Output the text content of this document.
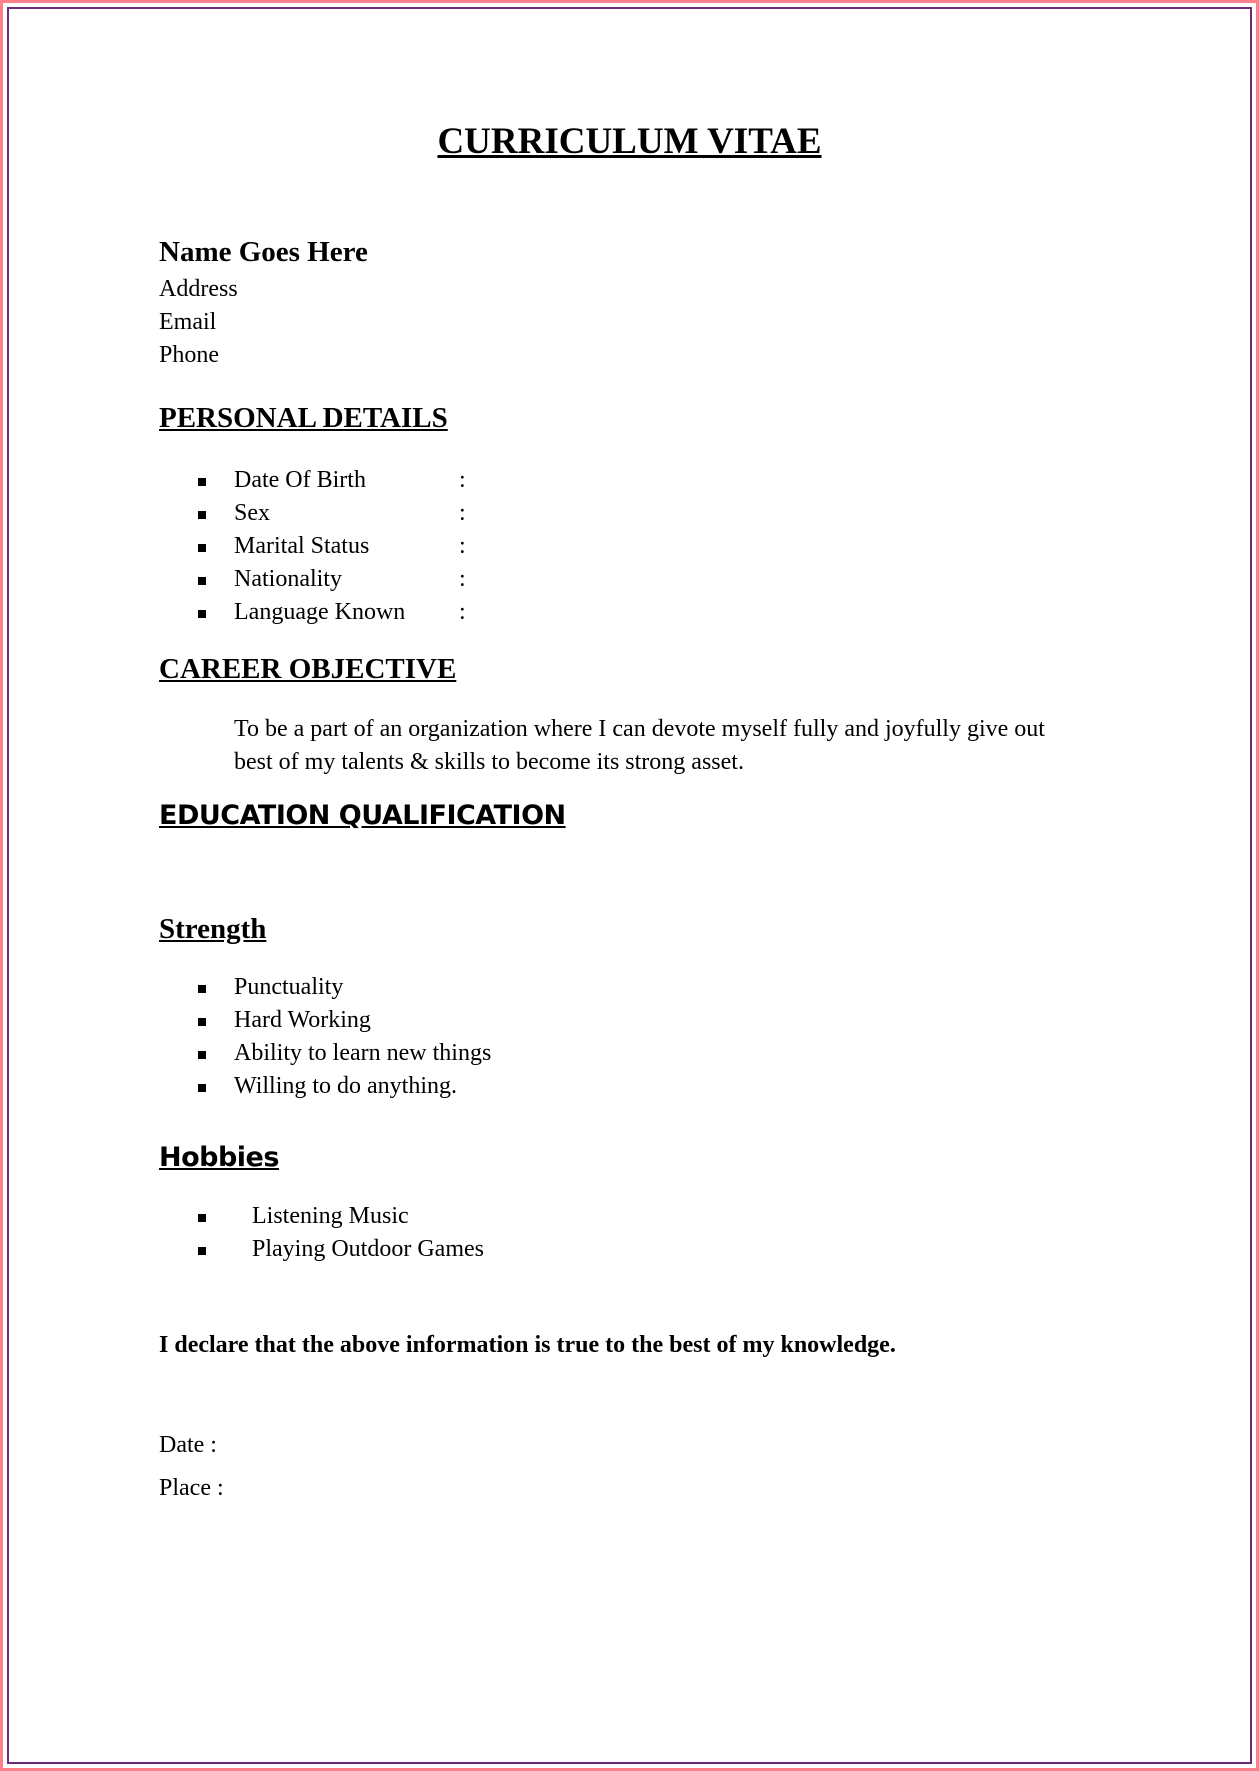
CURRICULUM VITAE
Name Goes Here
Address
Email
Phone
PERSONAL DETAILS
Date Of Birth	:
Sex	:
Marital Status	:
Nationality	:
Language Known :
CAREER OBJECTIVE
To be a part of an organization where I can devote myself fully and joyfully give out
best of my talents & skills to become its strong asset.
EDUCATION QUALIFICATION
Strength
Punctuality
Hard Working
Ability to learn new things
Willing to do anything.
Hobbies
Listening Music
Playing Outdoor Games
I declare that the above information is true to the best of my knowledge.
Date :
Place :
